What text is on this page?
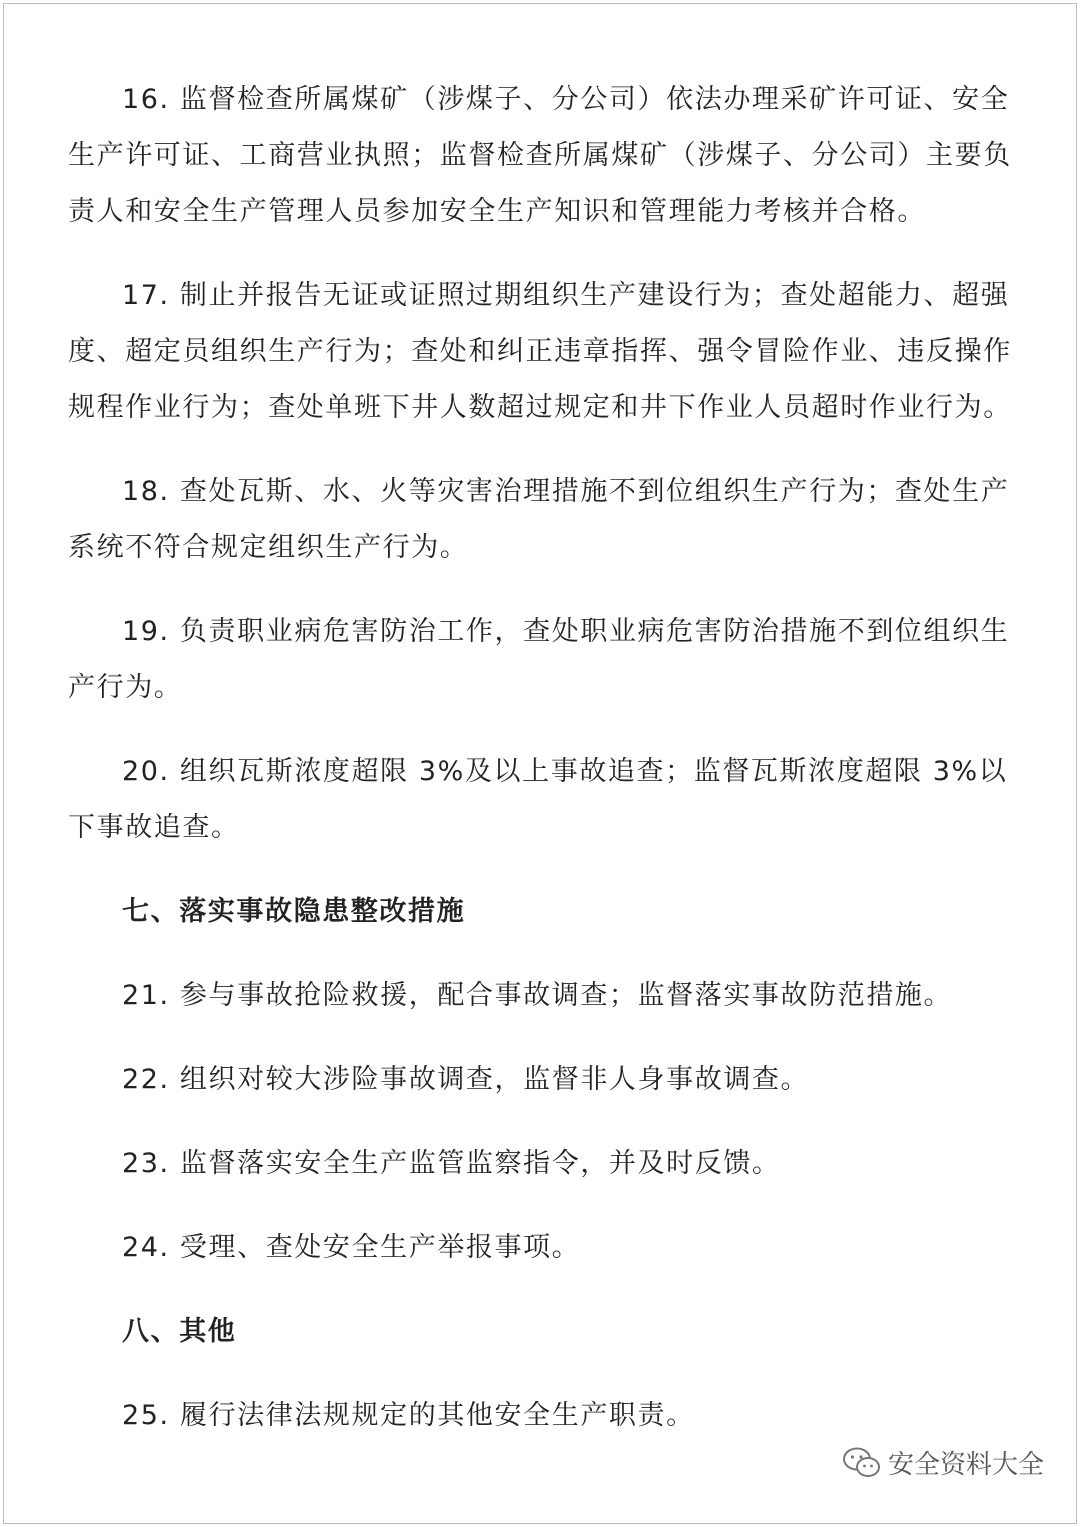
16. 监督检查所属煤矿（涉煤子、分公司）依法办理采矿许可证、安全生产许可证、工商营业执照；监督检查所属煤矿（涉煤子、分公司）主要负责人和安全生产管理人员参加安全生产知识和管理能力考核并合格。

17. 制止并报告无证或证照过期组织生产建设行为；查处超能力、超强度、超定员组织生产行为；查处和纠正违章指挥、强令冒险作业、违反操作规程作业行为；查处单班下井人数超过规定和井下作业人员超时作业行为。

18. 查处瓦斯、水、火等灾害治理措施不到位组织生产行为；查处生产系统不符合规定组织生产行为。

19. 负责职业病危害防治工作，查处职业病危害防治措施不到位组织生产行为。

20. 组织瓦斯浓度超限 3%及以上事故追查；监督瓦斯浓度超限 3%以下事故追查。

七、落实事故隐患整改措施

21. 参与事故抢险救援，配合事故调查；监督落实事故防范措施。

22. 组织对较大涉险事故调查，监督非人身事故调查。

23. 监督落实安全生产监管监察指令，并及时反馈。

24. 受理、查处安全生产举报事项。

八、其他

25. 履行法律法规规定的其他安全生产职责。

安全资料大全
